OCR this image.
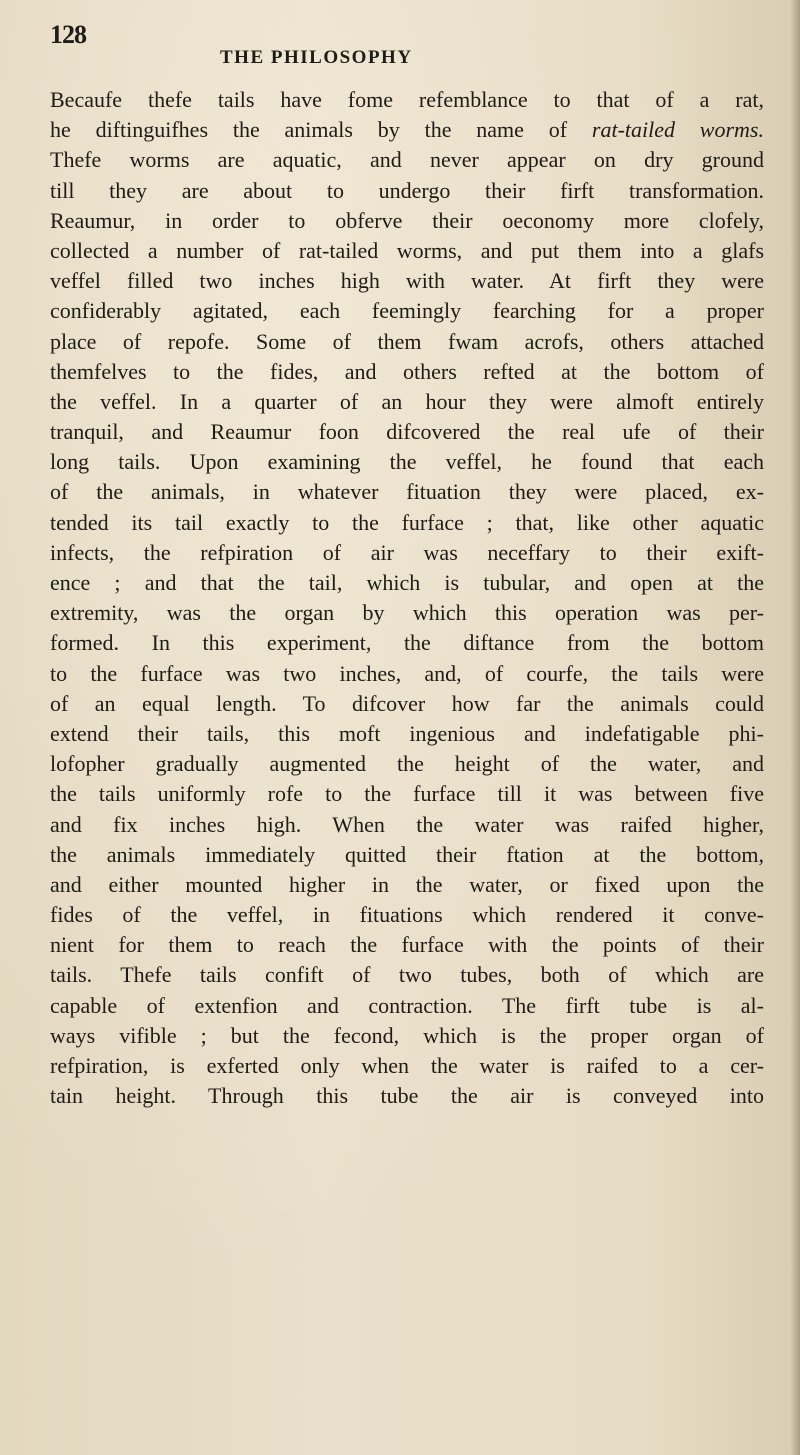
128
THE PHILOSOPHY
Becaufe thefe tails have fome refemblance to that of a rat,
he diftinguifhes the animals by the name of rat-tailed worms.
Thefe worms are aquatic, and never appear on dry ground
till they are about to undergo their firft transformation.
Reaumur, in order to obferve their oeconomy more clofely,
collected a number of rat-tailed worms, and put them into a glafs
veffel filled two inches high with water. At firft they were
confiderably agitated, each feemingly fearching for a proper
place of repofe. Some of them fwam acrofs, others attached
themfelves to the fides, and others refted at the bottom of
the veffel. In a quarter of an hour they were almoft entirely
tranquil, and Reaumur foon difcovered the real ufe of their
long tails. Upon examining the veffel, he found that each
of the animals, in whatever fituation they were placed, ex-
tended its tail exactly to the furface ; that, like other aquatic
infects, the refpiration of air was neceffary to their exift-
ence ; and that the tail, which is tubular, and open at the
extremity, was the organ by which this operation was per-
formed. In this experiment, the diftance from the bottom
to the furface was two inches, and, of courfe, the tails were
of an equal length. To difcover how far the animals could
extend their tails, this moft ingenious and indefatigable phi-
lofopher gradually augmented the height of the water, and
the tails uniformly rofe to the furface till it was between five
and fix inches high. When the water was raifed higher,
the animals immediately quitted their ftation at the bottom,
and either mounted higher in the water, or fixed upon the
fides of the veffel, in fituations which rendered it conve-
nient for them to reach the furface with the points of their
tails. Thefe tails confift of two tubes, both of which are
capable of extenfion and contraction. The firft tube is al-
ways vifible ; but the fecond, which is the proper organ of
refpiration, is exferted only when the water is raifed to a cer-
tain height. Through this tube the air is conveyed into
